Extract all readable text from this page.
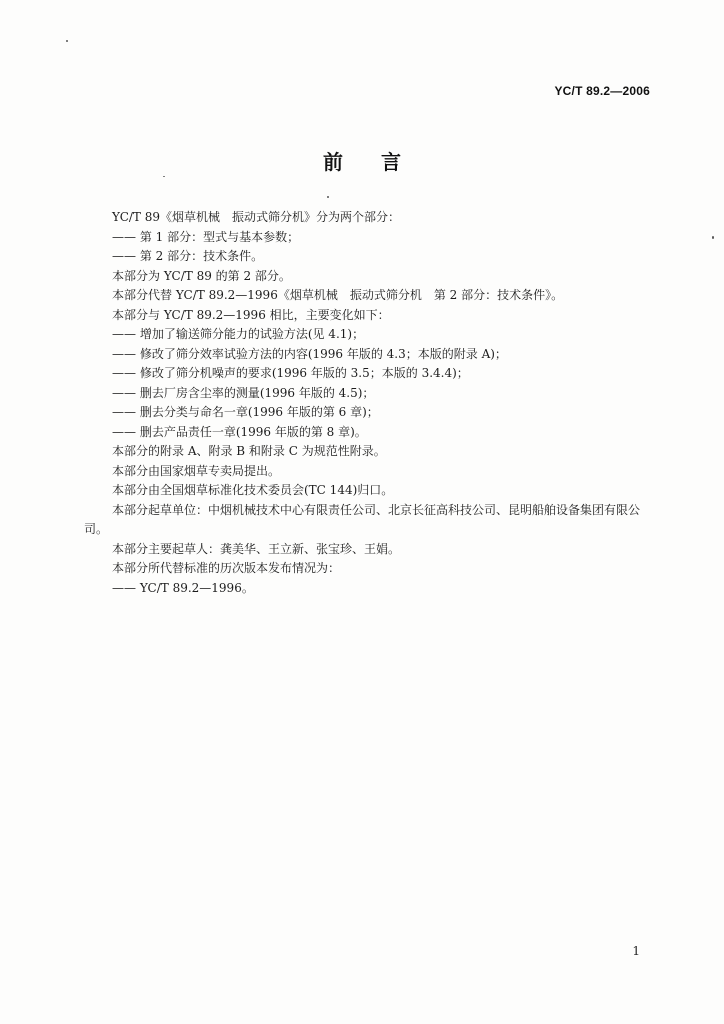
YC/T 89.2—2006
前言

YC/T 89《烟草机械　振动式筛分机》分为两个部分：

—— 第 1 部分：型式与基本参数；

—— 第 2 部分：技术条件。

本部分为 YC/T 89 的第 2 部分。

本部分代替 YC/T 89.2—1996《烟草机械　振动式筛分机　第 2 部分：技术条件》。

本部分与 YC/T 89.2—1996 相比，主要变化如下：

—— 增加了输送筛分能力的试验方法(见 4.1)；

—— 修改了筛分效率试验方法的内容(1996 年版的 4.3；本版的附录 A)；

—— 修改了筛分机噪声的要求(1996 年版的 3.5；本版的 3.4.4)；

—— 删去厂房含尘率的测量(1996 年版的 4.5)；

—— 删去分类与命名一章(1996 年版的第 6 章)；

—— 删去产品责任一章(1996 年版的第 8 章)。

本部分的附录 A、附录 B 和附录 C 为规范性附录。

本部分由国家烟草专卖局提出。

本部分由全国烟草标准化技术委员会(TC 144)归口。

本部分起草单位：中烟机械技术中心有限责任公司、北京长征高科技公司、昆明船舶设备集团有限公司。

本部分主要起草人：龚美华、王立新、张宝珍、王娟。

本部分所代替标准的历次版本发布情况为：

—— YC/T 89.2—1996。

1
